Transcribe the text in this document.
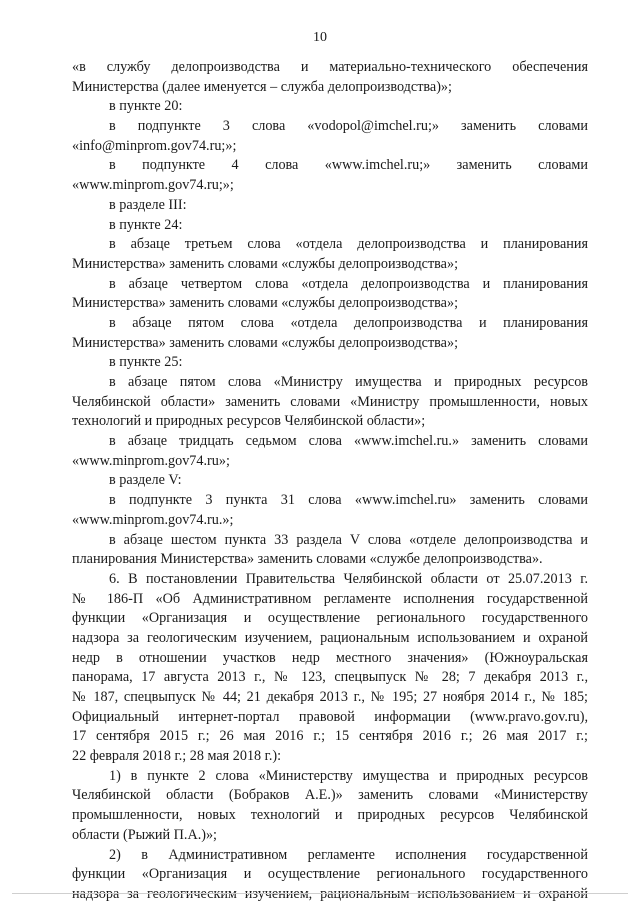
10
«в службу делопроизводства и материально-технического обеспечения
Министерства (далее именуется – служба делопроизводства)»;
в пункте 20:
в подпункте 3 слова «vodopol@imchel.ru;» заменить словами
«info@minprom.gov74.ru;»;
в подпункте 4 слова «www.imchel.ru;» заменить словами
«www.minprom.gov74.ru;»;
в разделе III:
в пункте 24:
в абзаце третьем слова «отдела делопроизводства и планирования
Министерства» заменить словами «службы делопроизводства»;
в абзаце четвертом слова «отдела делопроизводства и планирования
Министерства» заменить словами «службы делопроизводства»;
в абзаце пятом слова «отдела делопроизводства и планирования
Министерства» заменить словами «службы делопроизводства»;
в пункте 25:
в абзаце пятом слова «Министру имущества и природных ресурсов
Челябинской области» заменить словами «Министру промышленности, новых
технологий и природных ресурсов Челябинской области»;
в абзаце тридцать седьмом слова «www.imchel.ru.» заменить словами
«www.minprom.gov74.ru»;
в разделе V:
в подпункте 3 пункта 31 слова «www.imchel.ru» заменить словами
«www.minprom.gov74.ru.»;
в абзаце шестом пункта 33 раздела V слова «отделе делопроизводства и
планирования Министерства» заменить словами «службе делопроизводства».
6. В постановлении Правительства Челябинской области от 25.07.2013 г.
№ 186-П «Об Административном регламенте исполнения государственной
функции «Организация и осуществление регионального государственного
надзора за геологическим изучением, рациональным использованием и охраной
недр в отношении участков недр местного значения» (Южноуральская
панорама, 17 августа 2013 г., № 123, спецвыпуск № 28; 7 декабря 2013 г.,
№ 187, спецвыпуск № 44; 21 декабря 2013 г., № 195; 27 ноября 2014 г., № 185;
Официальный интернет-портал правовой информации (www.pravo.gov.ru),
17 сентября 2015 г.; 26 мая 2016 г.; 15 сентября 2016 г.; 26 мая 2017 г.;
22 февраля 2018 г.; 28 мая 2018 г.):
1) в пункте 2 слова «Министерству имущества и природных ресурсов
Челябинской области (Бобраков А.Е.)» заменить словами «Министерству
промышленности, новых технологий и природных ресурсов Челябинской
области (Рыжий П.А.)»;
2) в Административном регламенте исполнения государственной
функции «Организация и осуществление регионального государственного
надзора за геологическим изучением, рациональным использованием и охраной
